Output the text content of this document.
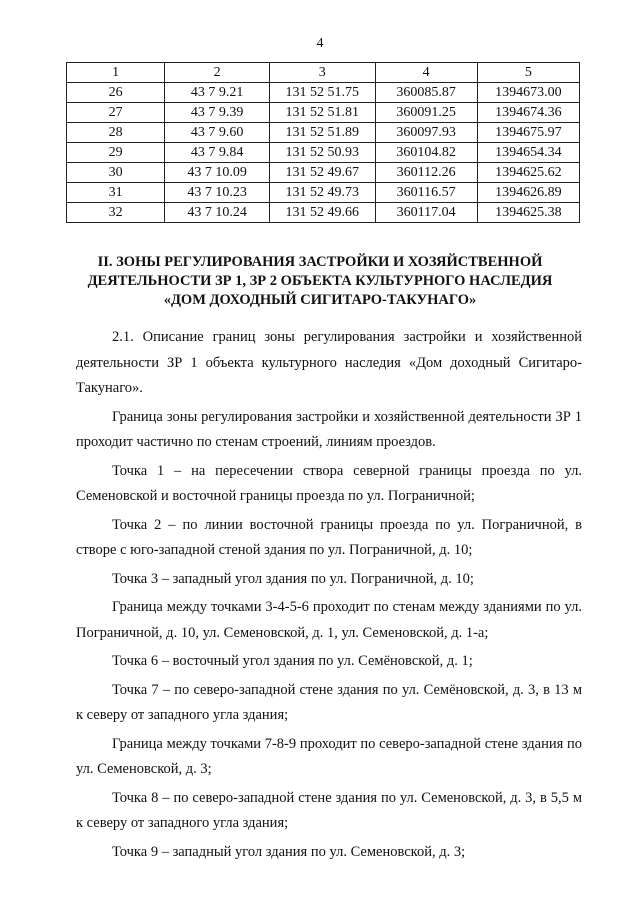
4
1	2	3	4	5
26	43 7 9.21	131 52 51.75	360085.87	1394673.00
27	43 7 9.39	131 52 51.81	360091.25	1394674.36
28	43 7 9.60	131 52 51.89	360097.93	1394675.97
29	43 7 9.84	131 52 50.93	360104.82	1394654.34
30	43 7 10.09	131 52 49.67	360112.26	1394625.62
31	43 7 10.23	131 52 49.73	360116.57	1394626.89
32	43 7 10.24	131 52 49.66	360117.04	1394625.38
II. ЗОНЫ РЕГУЛИРОВАНИЯ ЗАСТРОЙКИ И ХОЗЯЙСТВЕННОЙ
ДЕЯТЕЛЬНОСТИ ЗР 1, ЗР 2 ОБЪЕКТА КУЛЬТУРНОГО НАСЛЕДИЯ
«ДОМ ДОХОДНЫЙ СИГИТАРО-ТАКУНАГО»

2.1. Описание границ зоны регулирования застройки и хозяйственной деятельности ЗР 1 объекта культурного наследия «Дом доходный Сигитаро-Такунаго».

Граница зоны регулирования застройки и хозяйственной деятельности ЗР 1 проходит частично по стенам строений, линиям проездов.

Точка 1 – на пересечении створа северной границы проезда по ул. Семеновской и восточной границы проезда по ул. Пограничной;

Точка 2 – по линии восточной границы проезда по ул. Пограничной, в створе с юго-западной стеной здания по ул. Пограничной, д. 10;

Точка 3 – западный угол здания по ул. Пограничной, д. 10;

Граница между точками 3-4-5-6 проходит по стенам между зданиями по ул. Пограничной, д. 10, ул. Семеновской, д. 1, ул. Семеновской, д. 1-а;

Точка 6 – восточный угол здания по ул. Семёновской, д. 1;

Точка 7 – по северо-западной стене здания по ул. Семёновской, д. 3, в 13 м к северу от западного угла здания;

Граница между точками 7-8-9 проходит по северо-западной стене здания по ул. Семеновской, д. 3;

Точка 8 – по северо-западной стене здания по ул. Семеновской, д. 3, в 5,5 м к северу от западного угла здания;

Точка 9 – западный угол здания по ул. Семеновской, д. 3;
